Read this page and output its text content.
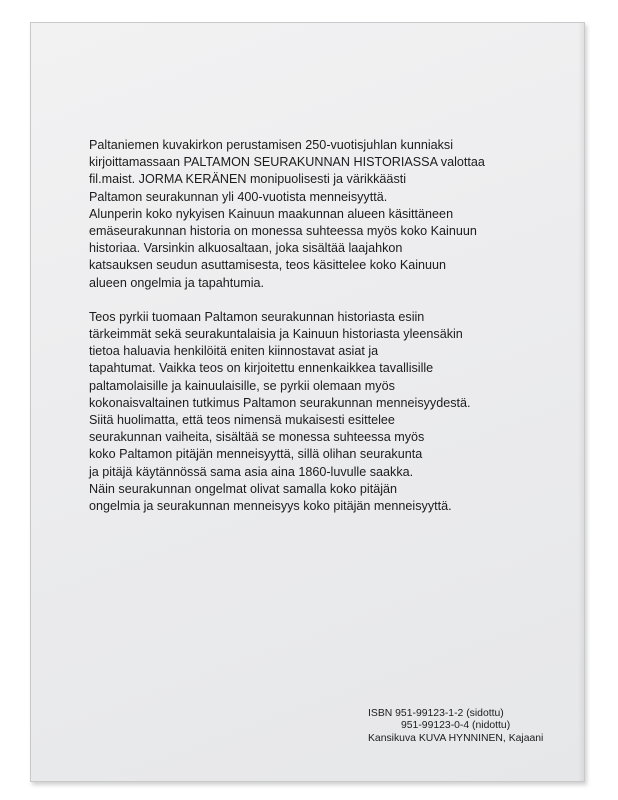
Paltaniemen kuvakirkon perustamisen 250-vuotisjuhlan kunniaksi
kirjoittamassaan PALTAMON SEURAKUNNAN HISTORIASSA valottaa
fil.maist. JORMA KERÄNEN monipuolisesti ja värikkäästi
Paltamon seurakunnan yli 400-vuotista menneisyyttä.
Alunperin koko nykyisen Kainuun maakunnan alueen käsittäneen
emäseurakunnan historia on monessa suhteessa myös koko Kainuun
historiaa. Varsinkin alkuosaltaan, joka sisältää laajahkon
katsauksen seudun asuttamisesta, teos käsittelee koko Kainuun
alueen ongelmia ja tapahtumia.

Teos pyrkii tuomaan Paltamon seurakunnan historiasta esiin
tärkeimmät sekä seurakuntalaisia ja Kainuun historiasta yleensäkin
tietoa haluavia henkilöitä eniten kiinnostavat asiat ja
tapahtumat. Vaikka teos on kirjoitettu ennenkaikkea tavallisille
paltamolaisille ja kainuulaisille, se pyrkii olemaan myös
kokonaisvaltainen tutkimus Paltamon seurakunnan menneisyydestä.
Siitä huolimatta, että teos nimensä mukaisesti esittelee
seurakunnan vaiheita, sisältää se monessa suhteessa myös
koko Paltamon pitäjän menneisyyttä, sillä olihan seurakunta
ja pitäjä käytännössä sama asia aina 1860-luvulle saakka.
Näin seurakunnan ongelmat olivat samalla koko pitäjän
ongelmia ja seurakunnan menneisyys koko pitäjän menneisyyttä.

ISBN 951-99123-1-2 (sidottu)
951-99123-0-4 (nidottu)
Kansikuva KUVA HYNNINEN, Kajaani
